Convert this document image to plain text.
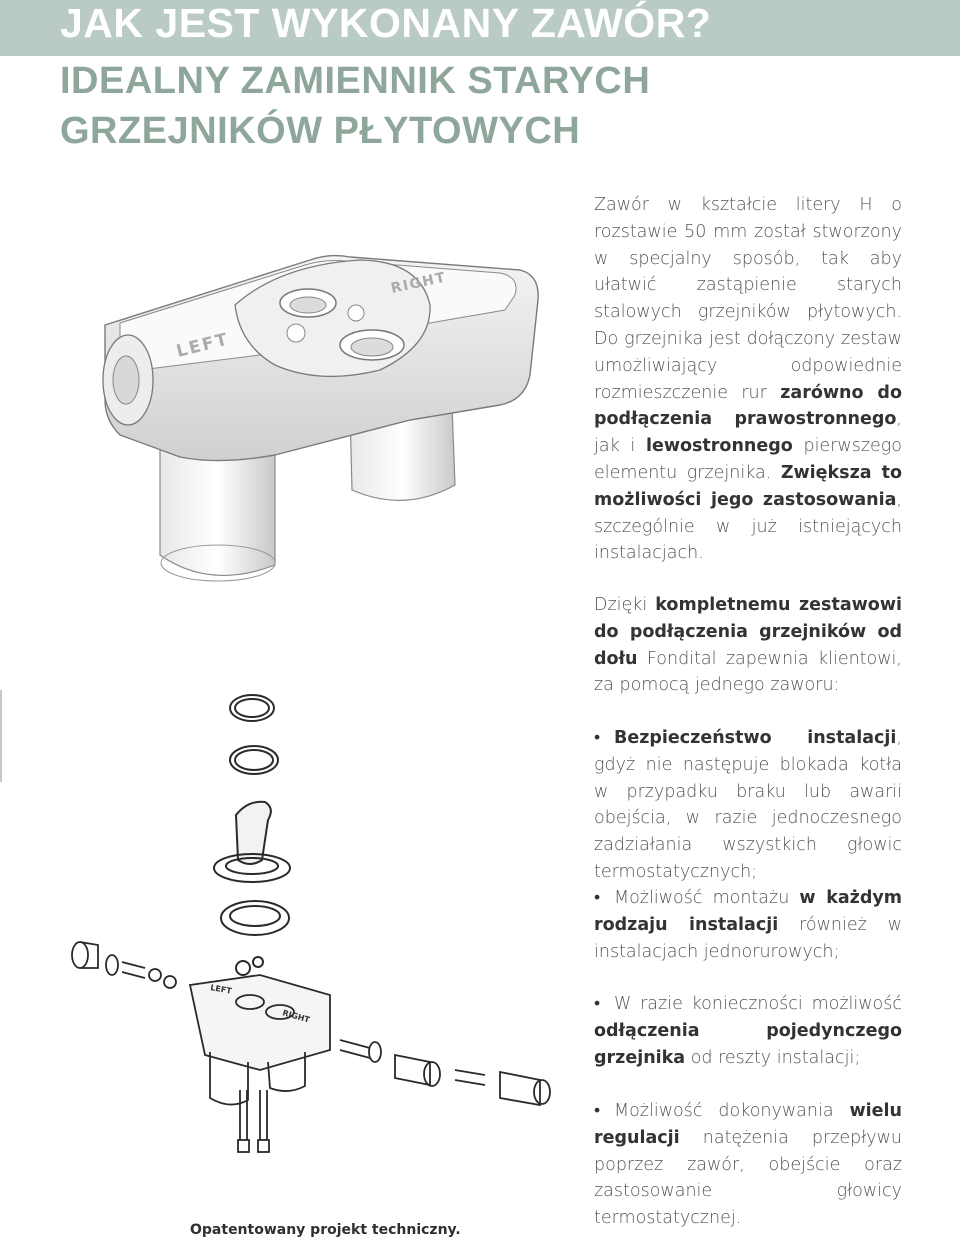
JAK JEST WYKONANY ZAWÓR?
IDEALNY ZAMIENNIK STARYCH
GRZEJNIKÓW PŁYTOWYCH
LEFT
RIGHT
LEFT
RIGHT
Opatentowany projekt techniczny.

Zawór w kształcie litery H o rozstawie 50 mm został stworzony w specjalny sposób, tak aby ułatwić zastąpienie starych stalowych grzejników płytowych. Do grzejnika jest dołączony zestaw umożliwiający odpowiednie rozmieszczenie rur zarówno do podłączenia prawostronnego, jak i lewostronnego pierwszego elementu grzejnika. Zwiększa to możliwości jego zastosowania, szczególnie w już istniejących instalacjach.

Dzięki kompletnemu zestawowi do podłączenia grzejników od dołu Fondital zapewnia klientowi, za pomocą jednego zaworu:

• Bezpieczeństwo instalacji, gdyż nie następuje blokada kotła w przypadku braku lub awarii obejścia, w razie jednoczesnego zadziałania wszystkich głowic termostatycznych;

• Możliwość montażu w każdym rodzaju instalacji również w instalacjach jednorurowych;

• W razie konieczności możliwość odłączenia pojedynczego grzejnika od reszty instalacji;

• Możliwość dokonywania wielu regulacji natężenia przepływu poprzez zawór, obejście oraz zastosowanie głowicy termostatycznej.
